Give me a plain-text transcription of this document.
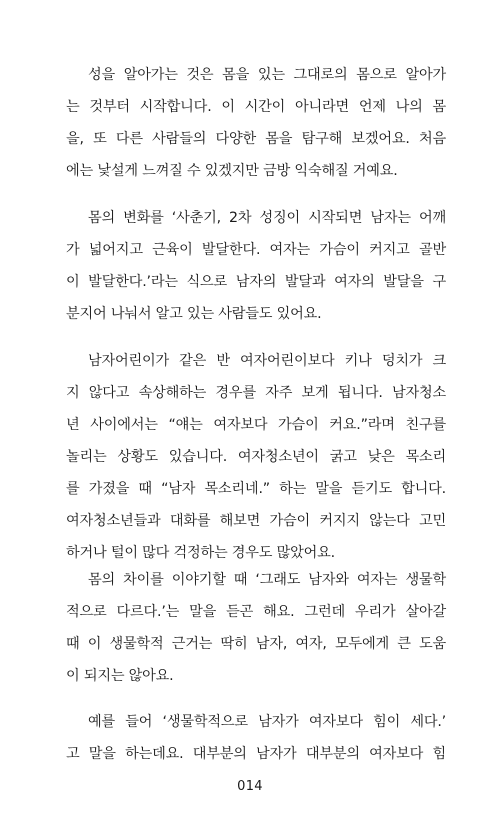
성을 알아가는 것은 몸을 있는 그대로의 몸으로 알아가
는 것부터 시작합니다. 이 시간이 아니라면 언제 나의 몸
을, 또 다른 사람들의 다양한 몸을 탐구해 보겠어요. 처음
에는 낯설게 느껴질 수 있겠지만 금방 익숙해질 거예요.
몸의 변화를 ‘사춘기, 2차 성징이 시작되면 남자는 어깨
가 넓어지고 근육이 발달한다. 여자는 가슴이 커지고 골반
이 발달한다.’라는 식으로 남자의 발달과 여자의 발달을 구
분지어 나눠서 알고 있는 사람들도 있어요.
남자어린이가 같은 반 여자어린이보다 키나 덩치가 크
지 않다고 속상해하는 경우를 자주 보게 됩니다. 남자청소
년 사이에서는 “얘는 여자보다 가슴이 커요.”라며 친구를
놀리는 상황도 있습니다. 여자청소년이 굵고 낮은 목소리
를 가졌을 때 “남자 목소리네.” 하는 말을 듣기도 합니다.
여자청소년들과 대화를 해보면 가슴이 커지지 않는다 고민
하거나 털이 많다 걱정하는 경우도 많았어요.
몸의 차이를 이야기할 때 ‘그래도 남자와 여자는 생물학
적으로 다르다.’는 말을 듣곤 해요. 그런데 우리가 살아갈
때 이 생물학적 근거는 딱히 남자, 여자, 모두에게 큰 도움
이 되지는 않아요.
예를 들어 ‘생물학적으로 남자가 여자보다 힘이 세다.’
고 말을 하는데요. 대부분의 남자가 대부분의 여자보다 힘
014
